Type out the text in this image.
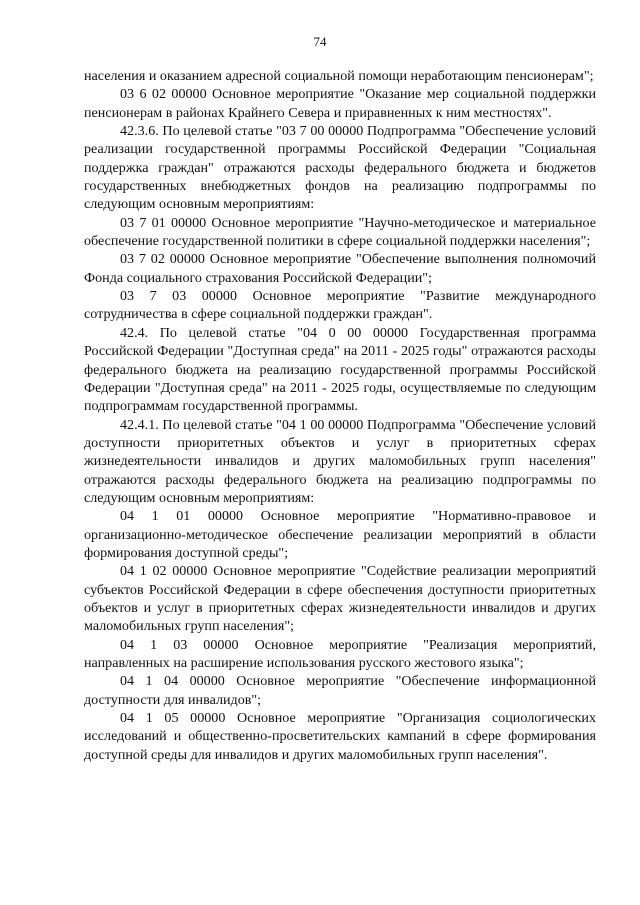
74

населения и оказанием адресной социальной помощи неработающим пенсионерам";

03 6 02 00000 Основное мероприятие "Оказание мер социальной поддержки пенсионерам в районах Крайнего Севера и приравненных к ним местностях".

42.3.6. По целевой статье "03 7 00 00000 Подпрограмма "Обеспечение условий реализации государственной программы Российской Федерации "Социальная поддержка граждан" отражаются расходы федерального бюджета и бюджетов государственных внебюджетных фондов на реализацию подпрограммы по следующим основным мероприятиям:

03 7 01 00000 Основное мероприятие "Научно-методическое и материальное обеспечение государственной политики в сфере социальной поддержки населения";

03 7 02 00000 Основное мероприятие "Обеспечение выполнения полномочий Фонда социального страхования Российской Федерации";

03 7 03 00000 Основное мероприятие "Развитие международного сотрудничества в сфере социальной поддержки граждан".

42.4. По целевой статье "04 0 00 00000 Государственная программа Российской Федерации "Доступная среда" на 2011 - 2025 годы" отражаются расходы федерального бюджета на реализацию государственной программы Российской Федерации "Доступная среда" на 2011 - 2025 годы, осуществляемые по следующим подпрограммам государственной программы.

42.4.1. По целевой статье "04 1 00 00000 Подпрограмма "Обеспечение условий доступности приоритетных объектов и услуг в приоритетных сферах жизнедеятельности инвалидов и других маломобильных групп населения" отражаются расходы федерального бюджета на реализацию подпрограммы по следующим основным мероприятиям:

04 1 01 00000 Основное мероприятие "Нормативно-правовое и организационно-методическое обеспечение реализации мероприятий в области формирования доступной среды";

04 1 02 00000 Основное мероприятие "Содействие реализации мероприятий субъектов Российской Федерации в сфере обеспечения доступности приоритетных объектов и услуг в приоритетных сферах жизнедеятельности инвалидов и других маломобильных групп населения";

04 1 03 00000 Основное мероприятие "Реализация мероприятий, направленных на расширение использования русского жестового языка";

04 1 04 00000 Основное мероприятие "Обеспечение информационной доступности для инвалидов";

04 1 05 00000 Основное мероприятие "Организация социологических исследований и общественно-просветительских кампаний в сфере формирования доступной среды для инвалидов и других маломобильных групп населения".
